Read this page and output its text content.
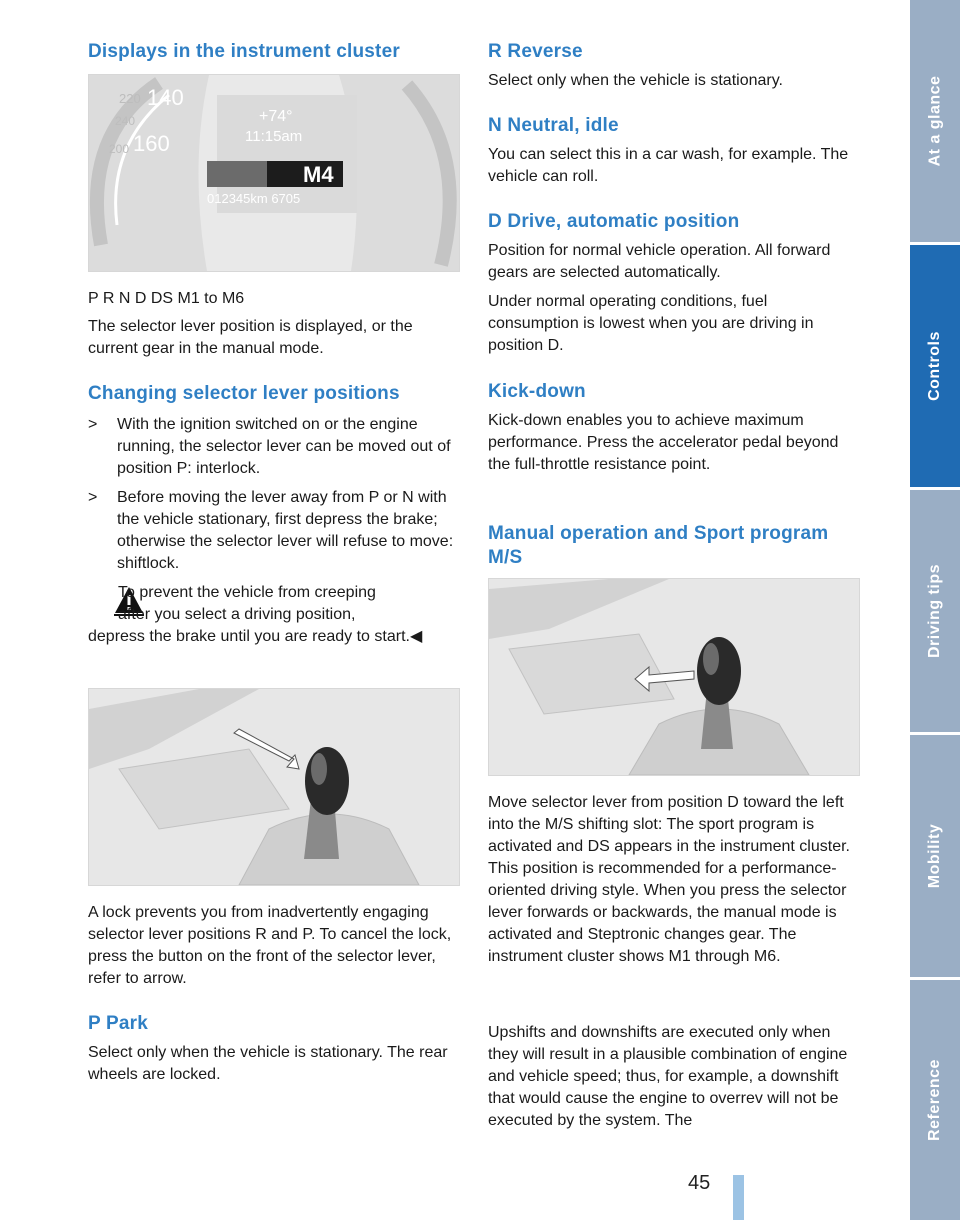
Displays in the instrument cluster
220 140
240
200 160
+74°
11:15am
M4
012345km 6705

P R N D DS M1 to M6

The selector lever position is displayed, or the current gear in the manual mode.

Changing selector lever positions
>	With the ignition switched on or the engine running, the selector lever can be moved out of position P: interlock.
>	Before moving the lever away from P or N with the vehicle stationary, first depress the brake; otherwise the selector lever will refuse to move: shiftlock.

To prevent the vehicle from creeping

after you select a driving position,

depress the brake until you are ready to start.◀

A lock prevents you from inadvertently engaging selector lever positions R and P. To cancel the lock, press the button on the front of the selector lever, refer to arrow.

P Park

Select only when the vehicle is stationary. The rear wheels are locked.

R Reverse

Select only when the vehicle is stationary.

N Neutral, idle

You can select this in a car wash, for example. The vehicle can roll.

D Drive, automatic position

Position for normal vehicle operation. All forward gears are selected automatically.

Under normal operating conditions, fuel consumption is lowest when you are driving in position D.

Kick-down

Kick-down enables you to achieve maximum performance. Press the accelerator pedal beyond the full-throttle resistance point.

Manual operation and Sport program M/S

Move selector lever from position D toward the left into the M/S shifting slot: The sport program is activated and DS appears in the instrument cluster. This position is recommended for a performance-oriented driving style. When you press the selector lever forwards or backwards, the manual mode is activated and Steptronic changes gear. The instrument cluster shows M1 through M6.

Upshifts and downshifts are executed only when they will result in a plausible combination of engine and vehicle speed; thus, for example, a downshift that would cause the engine to overrev will not be executed by the system. The

At a glance
Controls
Driving tips
Mobility
Reference
45
